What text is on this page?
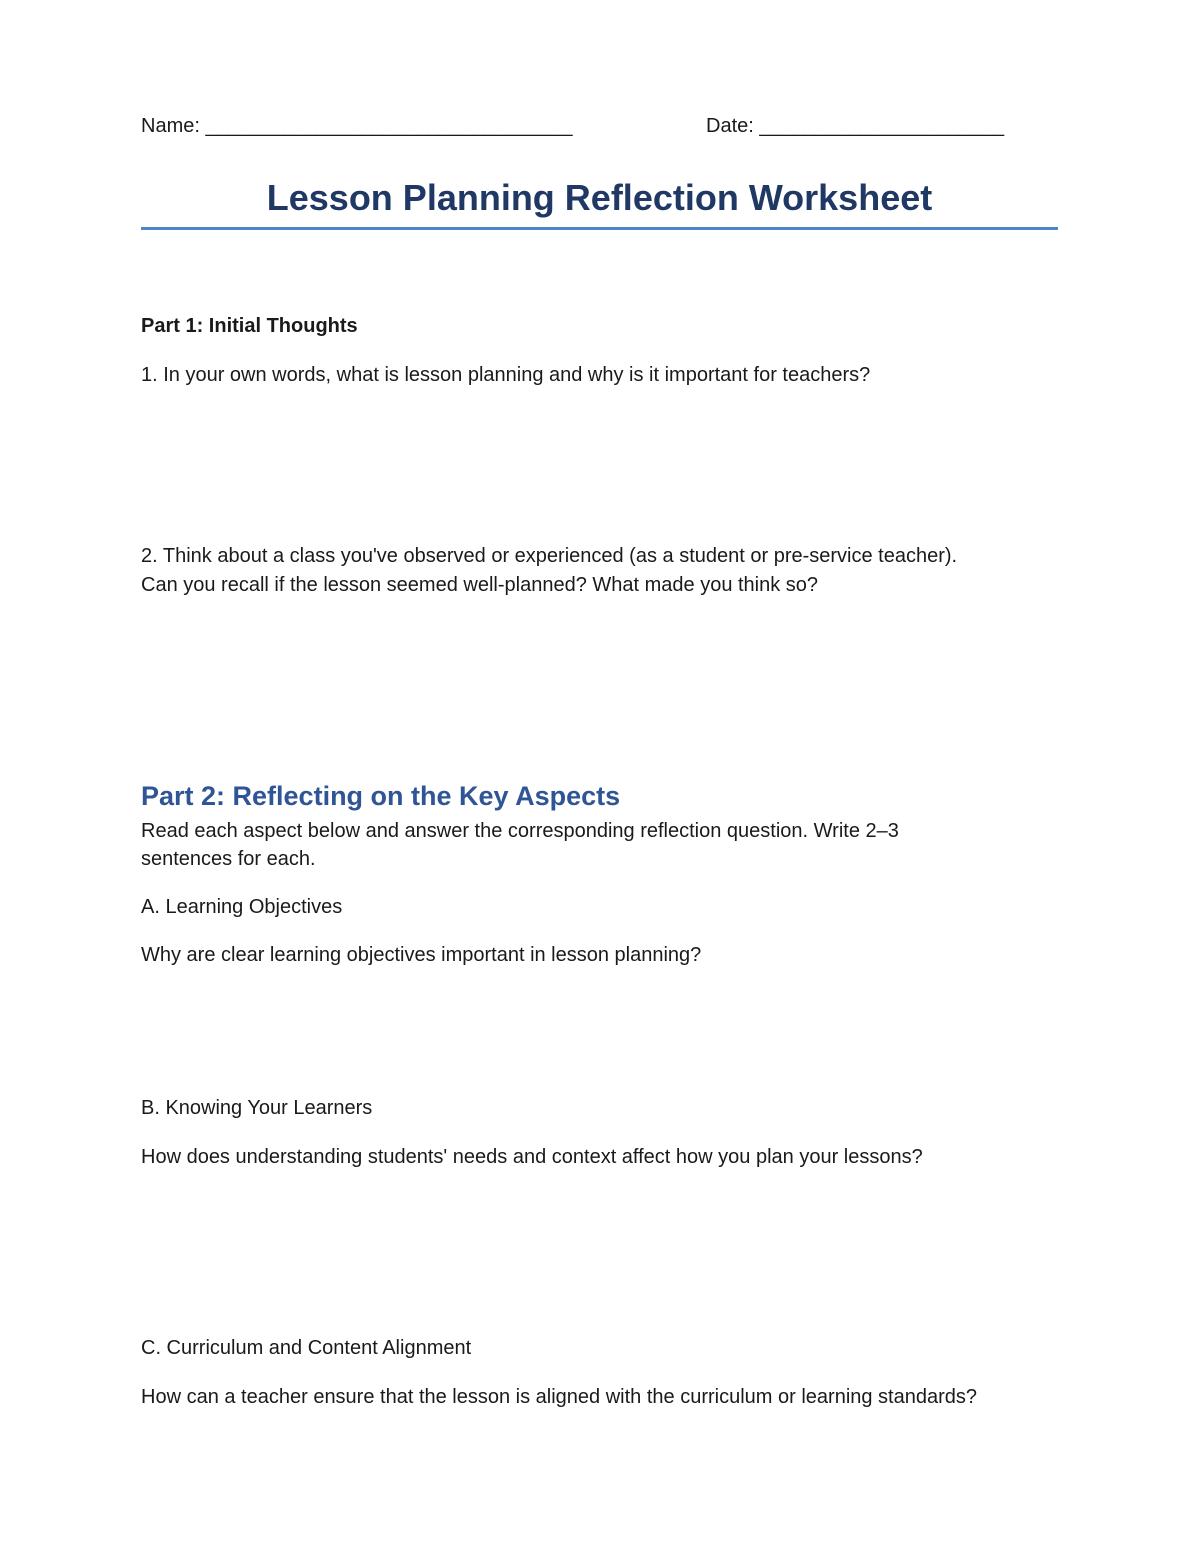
Name: _________________________________	Date: ______________________
Lesson Planning Reflection Worksheet
Part 1: Initial Thoughts
1. In your own words, what is lesson planning and why is it important for teachers?
2. Think about a class you've observed or experienced (as a student or pre-service teacher).
Can you recall if the lesson seemed well-planned? What made you think so?
Part 2: Reflecting on the Key Aspects
Read each aspect below and answer the corresponding reflection question. Write 2–3
sentences for each.
A. Learning Objectives
Why are clear learning objectives important in lesson planning?
B. Knowing Your Learners
How does understanding students' needs and context affect how you plan your lessons?
C. Curriculum and Content Alignment
How can a teacher ensure that the lesson is aligned with the curriculum or learning standards?
